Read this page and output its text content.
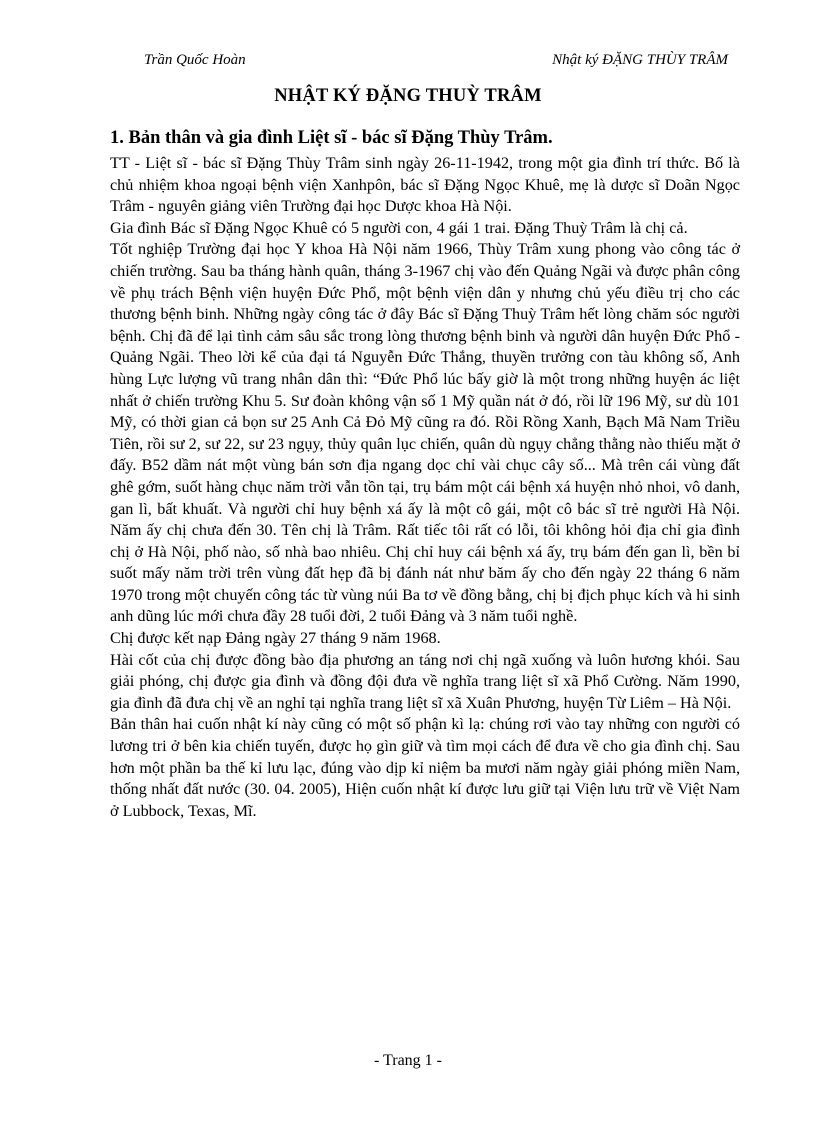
Trần Quốc Hoàn	Nhật ký ĐẶNG THÙY TRÂM
NHẬT KÝ ĐẶNG THUỲ TRÂM
1. Bản thân và gia đình Liệt sĩ - bác sĩ Đặng Thùy Trâm.

TT - Liệt sĩ - bác sĩ Đặng Thùy Trâm sinh ngày 26-11-1942, trong một gia đình trí thức. Bố là chủ nhiệm khoa ngoại bệnh viện Xanhpôn, bác sĩ Đặng Ngọc Khuê, mẹ là dược sĩ Doãn Ngọc Trâm - nguyên giảng viên Trường đại học Dược khoa Hà Nội.

Gia đình Bác sĩ Đặng Ngọc Khuê có 5 người con, 4 gái 1 trai. Đặng Thuỳ Trâm là chị cả.

Tốt nghiệp Trường đại học Y khoa Hà Nội năm 1966, Thùy Trâm xung phong vào công tác ở chiến trường. Sau ba tháng hành quân, tháng 3-1967 chị vào đến Quảng Ngãi và được phân công về phụ trách Bệnh viện huyện Đức Phổ, một bệnh viện dân y nhưng chủ yếu điều trị cho các thương bệnh binh. Những ngày công tác ở đây Bác sĩ Đặng Thuỳ Trâm hết lòng chăm sóc người bệnh. Chị đã để lại tình cảm sâu sắc trong lòng thương bệnh binh và người dân huyện Đức Phổ - Quảng Ngãi. Theo lời kể của đại tá Nguyễn Đức Thắng, thuyền trưởng con tàu không số, Anh hùng Lực lượng vũ trang nhân dân thì: “Đức Phổ lúc bấy giờ là một trong những huyện ác liệt nhất ở chiến trường Khu 5. Sư đoàn không vận số 1 Mỹ quần nát ở đó, rồi lữ 196 Mỹ, sư dù 101 Mỹ, có thời gian cả bọn sư 25 Anh Cả Đỏ Mỹ cũng ra đó. Rồi Rồng Xanh, Bạch Mã Nam Triều Tiên, rồi sư 2, sư 22, sư 23 ngụy, thủy quân lục chiến, quân dù ngụy chẳng thằng nào thiếu mặt ở đấy. B52 dầm nát một vùng bán sơn địa ngang dọc chỉ vài chục cây số... Mà trên cái vùng đất ghê gớm, suốt hàng chục năm trời vẫn tồn tại, trụ bám một cái bệnh xá huyện nhỏ nhoi, vô danh, gan lì, bất khuất. Và người chỉ huy bệnh xá ấy là một cô gái, một cô bác sĩ trẻ người Hà Nội. Năm ấy chị chưa đến 30. Tên chị là Trâm. Rất tiếc tôi rất có lỗi, tôi không hỏi địa chỉ gia đình chị ở Hà Nội, phố nào, số nhà bao nhiêu. Chị chỉ huy cái bệnh xá ấy, trụ bám đến gan lì, bền bỉ suốt mấy năm trời trên vùng đất hẹp đã bị đánh nát như băm ấy cho đến ngày 22 tháng 6 năm 1970 trong một chuyến công tác từ vùng núi Ba tơ về đồng bằng, chị bị địch phục kích và hi sinh anh dũng lúc mới chưa đầy 28 tuổi đời, 2 tuổi Đảng và 3 năm tuổi nghề.

Chị được kết nạp Đảng ngày 27 tháng 9 năm 1968.

Hài cốt của chị được đồng bào địa phương an táng nơi chị ngã xuống và luôn hương khói. Sau giải phóng, chị được gia đình và đồng đội đưa về nghĩa trang liệt sĩ xã Phổ Cường. Năm 1990, gia đình đã đưa chị về an nghỉ tại nghĩa trang liệt sĩ xã Xuân Phương, huyện Từ Liêm – Hà Nội.

Bản thân hai cuốn nhật kí này cũng có một số phận kì lạ: chúng rơi vào tay những con người có lương tri ở bên kia chiến tuyến, được họ gìn giữ và tìm mọi cách để đưa về cho gia đình chị. Sau hơn một phần ba thế kỉ lưu lạc, đúng vào dịp kỉ niệm ba mươi năm ngày giải phóng miền Nam, thống nhất đất nước (30. 04. 2005), Hiện cuốn nhật kí được lưu giữ tại Viện lưu trữ về Việt Nam ở Lubbock, Texas, Mĩ.

- Trang 1 -
